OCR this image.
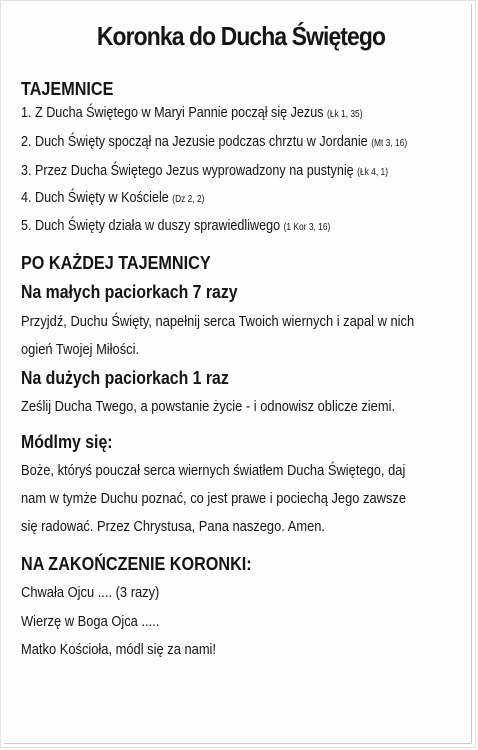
Koronka do Ducha Świętego
TAJEMNICE
1. Z Ducha Świętego w Maryi Pannie począł się Jezus (Łk 1, 35)
2. Duch Święty spoczął na Jezusie podczas chrztu w Jordanie (Mt 3, 16)
3. Przez Ducha Świętego Jezus wyprowadzony na pustynię (Łk 4, 1)
4. Duch Święty w Kościele (Dz 2, 2)
5. Duch Święty działa w duszy sprawiedliwego (1 Kor 3, 16)
PO KAŻDEJ TAJEMNICY
Na małych paciorkach 7 razy
Przyjdź, Duchu Święty, napełnij serca Twoich wiernych i zapal w nich
ogień Twojej Miłości.
Na dużych paciorkach 1 raz
Ześlij Ducha Twego, a powstanie życie - i odnowisz oblicze ziemi.
Módlmy się:
Boże, któryś pouczał serca wiernych światłem Ducha Świętego, daj
nam w tymże Duchu poznać, co jest prawe i pociechą Jego zawsze
się radować. Przez Chrystusa, Pana naszego. Amen.
NA ZAKOŃCZENIE KORONKI:
Chwała Ojcu .... (3 razy)
Wierzę w Boga Ojca .....
Matko Kościoła, módl się za nami!
